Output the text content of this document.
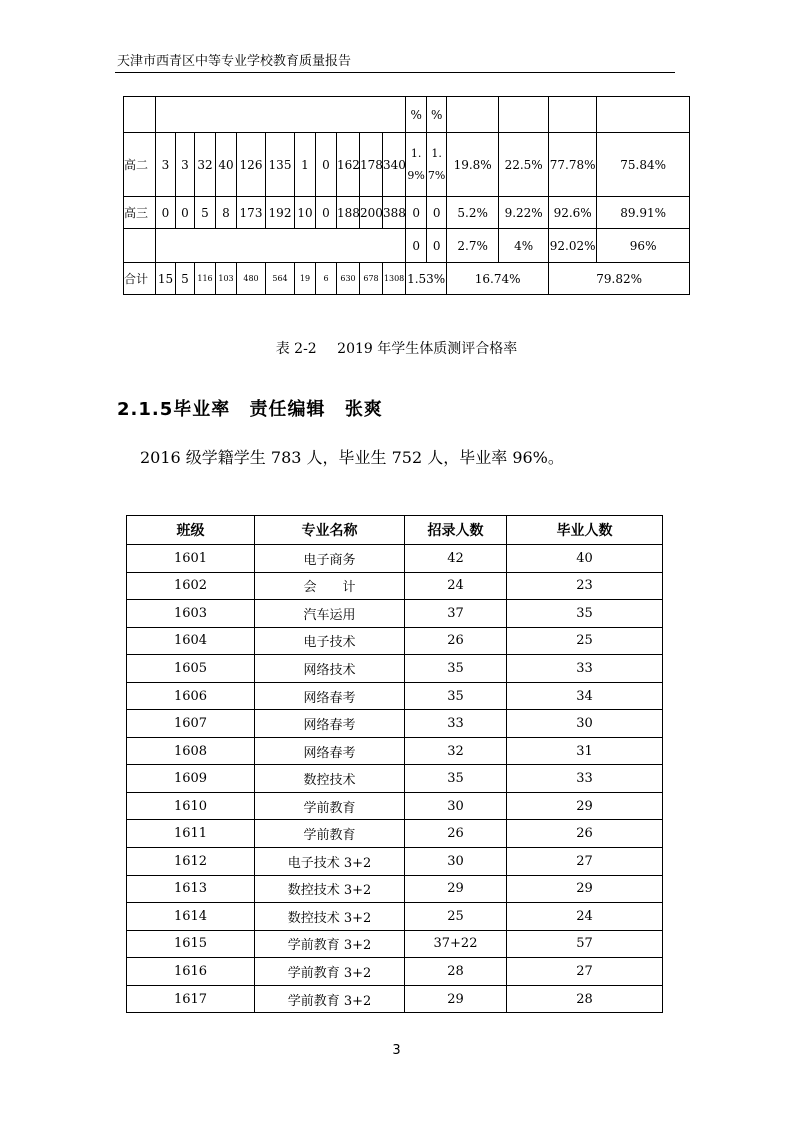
天津市西青区中等专业学校教育质量报告
												%	%				
高二	3	3	32	40	126	135	1	0	162	178	340	1.9%	1.7%	19.8%	22.5%	77.78%	75.84%
高三	0	0	5	8	173	192	10	0	188	200	388	0	0	5.2%	9.22%	92.6%	89.91%
												0	0	2.7%	4%	92.02%	96%
合计	15	5	116	103	480	564	19	6	630	678	1308	1.53%		16.74%		79.82%	
表 2-2 2019 年学生体质测评合格率
2.1.5毕业率 责任编辑 张爽
2016 级学籍学生 783 人，毕业生 752 人，毕业率 96%。
班级	专业名称	招录人数	毕业人数
1601	电子商务	42	40
1602	会　　计	24	23
1603	汽车运用	37	35
1604	电子技术	26	25
1605	网络技术	35	33
1606	网络春考	35	34
1607	网络春考	33	30
1608	网络春考	32	31
1609	数控技术	35	33
1610	学前教育	30	29
1611	学前教育	26	26
1612	电子技术 3+2	30	27
1613	数控技术 3+2	29	29
1614	数控技术 3+2	25	24
1615	学前教育 3+2	37+22	57
1616	学前教育 3+2	28	27
1617	学前教育 3+2	29	28
3
